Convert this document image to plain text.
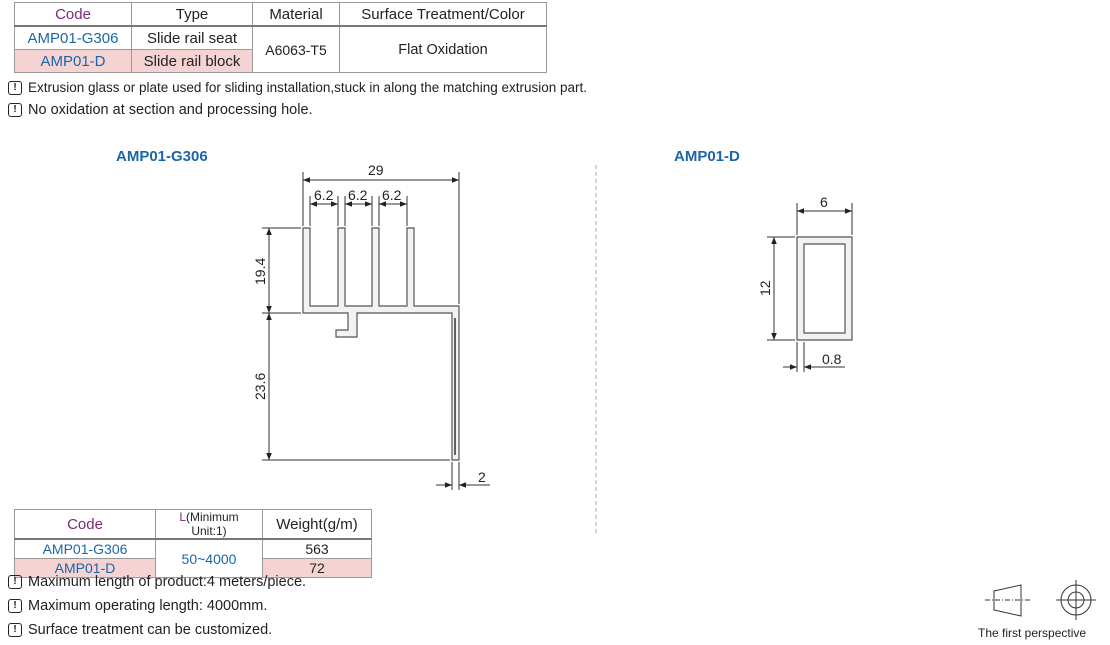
Code	Type	Material	Surface Treatment/Color
AMP01-G306	Slide rail seat	A6063-T5	Flat Oxidation
AMP01-D	Slide rail block		
! Extrusion glass or plate used for sliding installation,stuck in along the matching extrusion part.
! No oxidation at section and processing hole.
AMP01-G306	AMP01-D
29
6.2 6.2 6.2
19.4
23.6
2
6
12
0.8
Code	L(Minimum Unit:1)	Weight(g/m)
AMP01-G306	50~4000	563
AMP01-D		72
! Maximum length of product:4 meters/piece.
! Maximum operating length: 4000mm.
! Surface treatment can be customized.	The first perspective
